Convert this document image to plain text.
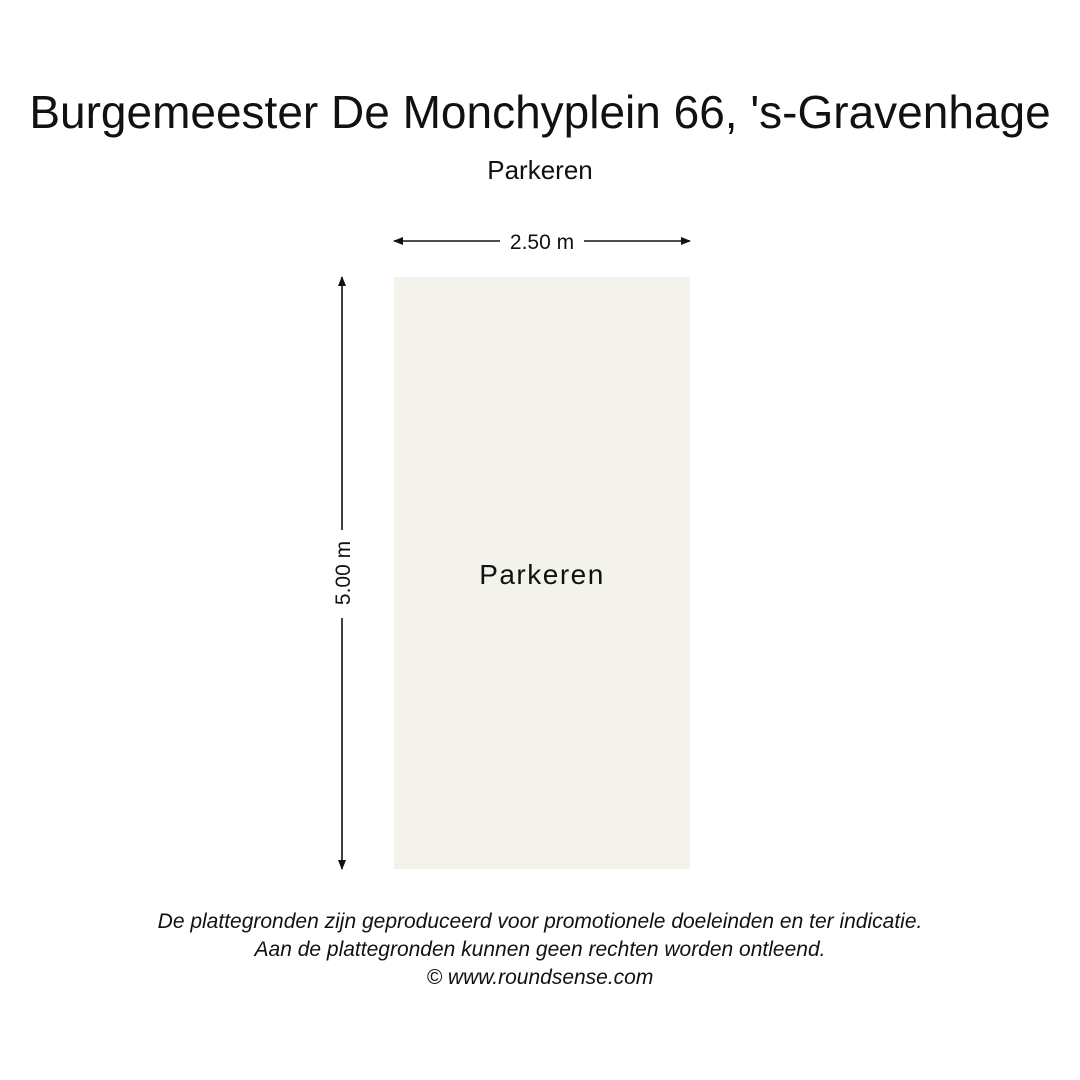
Burgemeester De Monchyplein 66, 's-Gravenhage
Parkeren
Parkeren
2.50 m
5.00 m
De plattegronden zijn geproduceerd voor promotionele doeleinden en ter indicatie.
Aan de plattegronden kunnen geen rechten worden ontleend.
© www.roundsense.com
